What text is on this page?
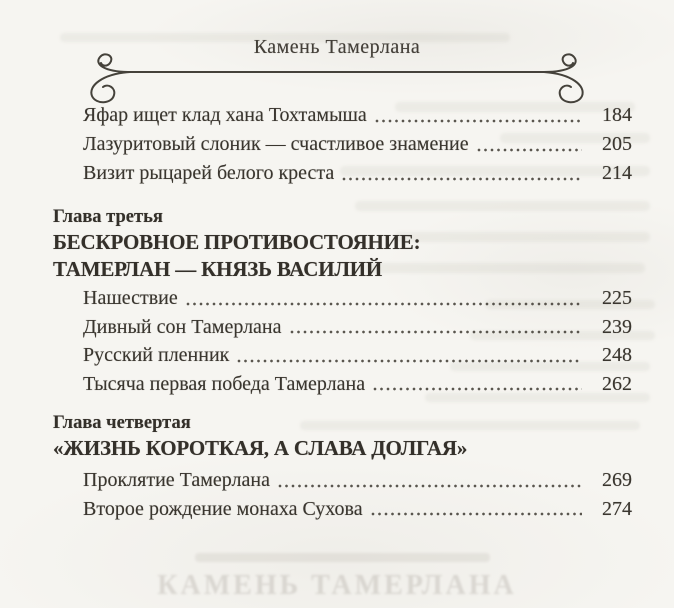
Камень Тамерлана
Яфар ищет клад хана Тохтамыша	184
Лазуритовый слоник — счастливое знамение	205
Визит рыцарей белого креста	214
Глава третья
БЕСКРОВНОЕ ПРОТИВОСТОЯНИЕ:
ТАМЕРЛАН — КНЯЗЬ ВАСИЛИЙ
Нашествие	225
Дивный сон Тамерлана	239
Русский пленник	248
Тысяча первая победа Тамерлана	262
Глава четвертая
«ЖИЗНЬ КОРОТКАЯ, А СЛАВА ДОЛГАЯ»
Проклятие Тамерлана	269
Второе рождение монаха Сухова	274
КАМЕНЬ ТАМЕРЛАНА
